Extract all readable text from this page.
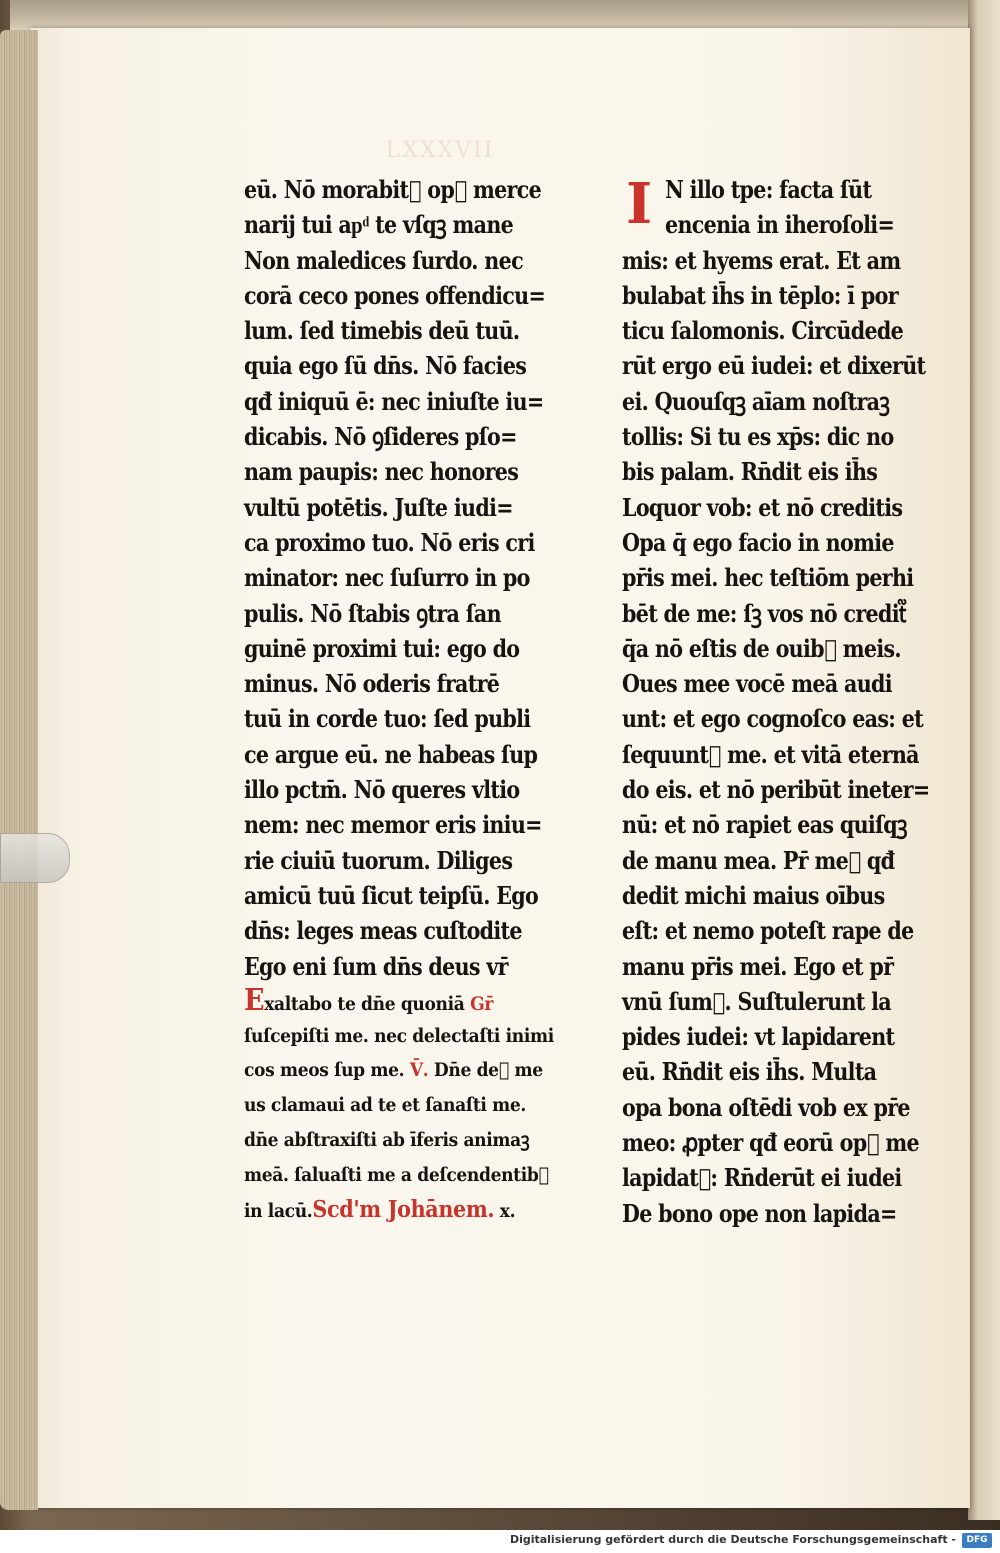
LXXXVII
eū. Nō morabit᷑ op᷒ merce
narij tui apͩ te vſqꝫ mane
Non maledices ſurdo. nec
corā ceco pones offendicu=
lum. ſed timebis deū tuū.
quia ego ſū dn̄s. Nō facies
qđ iniquū ē: nec iniuſte iu=
dicabis. Nō ꝯſideres pſo=
nam paupis: nec honores
vultū potētis. Juſte iudi=
ca proximo tuo. Nō eris cri
minator: nec ſuſurro in po
pulis. Nō ſtabis ꝯtra ſan
guinē proximi tui: ego do
minus. Nō oderis fratrē
tuū in corde tuo: ſed publi
ce argue eū. ne habeas ſup
illo pctm̄. Nō queres vltio
nem: nec memor eris iniu=
rie ciuiū tuorum. Diliges
amicū tuū ſicut teipſū. Ego
dn̄s: leges meas cuſtodite
Ego eni ſum dn̄s deus vr̄
Exaltabo te dn̄e quoniā Gr̄
ſuſcepiſti me. nec delectaſti inimi
cos meos ſup me. V̄. Dn̄e de᷒ me
us clamaui ad te et ſanaſti me.
dn̄e abſtraxiſti ab īferis animaꝫ
meā. ſaluaſti me a deſcendentib᷒
in lacū.Scd'm Johānem. x.
I N illo tpe: facta ſūt
encenia in iheroſoli=
mis: et hyems erat. Et am
bulabat ih̄s in tēplo: ī por
ticu ſalomonis. Circūdede
rūt ergo eū iudei: et dixerūt
ei. Quouſqꝫ aīam noſtraꝫ
tollis: Si tu es xp̄s: dic no
bis palam. Rn̄dit eis ih̄s
Loquor vob: et nō creditis
Opa q̄ ego facio in nomie
pr̄is mei. hec teſtiōm perhi
bēt de me: ſꝫ vos nō credit᷑
q̄a nō eſtis de ouib᷒ meis.
Oues mee vocē meā audi
unt: et ego cognoſco eas: et
ſequunt᷑ me. et vitā eternā
do eis. et nō peribūt ineter=
nū: et nō rapiet eas quiſqꝫ
de manu mea. Pr̄ me᷒ qđ
dedit michi maius oībus
eſt: et nemo poteſt rape de
manu pr̄is mei. Ego et pr̄
vnū ſum᷒. Suſtulerunt la
pides iudei: vt lapidarent
eū. Rn̄dit eis ih̄s. Multa
opa bona oſtēdi vob ex pr̄e
meo: ꝓpter qđ eorū op᷒ me
lapidat᷑: Rn̄derūt ei iudei
De bono ope non lapida=
Digitalisierung gefördert durch die Deutsche Forschungsgemeinschaft -	DFG
